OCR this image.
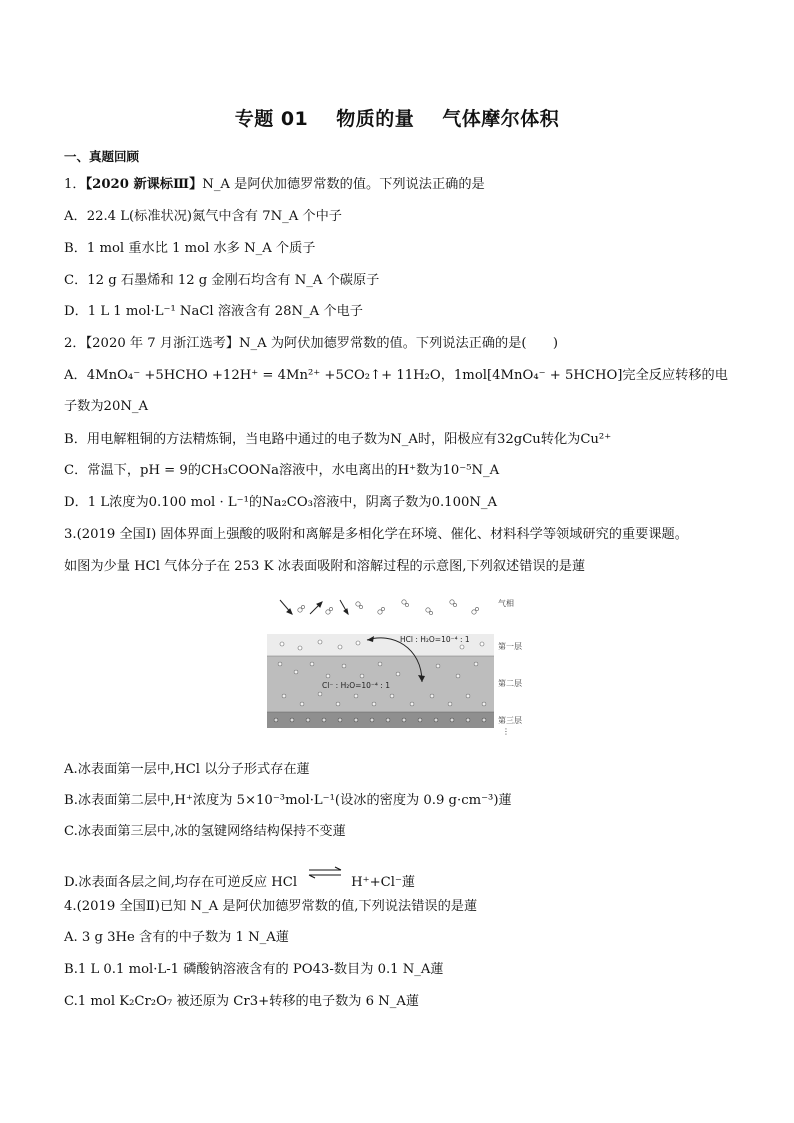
专题 01 物质的量 气体摩尔体积
一、真题回顾
1．【2020 新课标Ⅲ】N_A 是阿伏加德罗常数的值。下列说法正确的是
A．22.4 L(标准状况)氮气中含有 7N_A 个中子
B．1 mol 重水比 1 mol 水多 N_A 个质子
C．12 g 石墨烯和 12 g 金刚石均含有 N_A 个碳原子
D．1 L 1 mol·L⁻¹ NaCl 溶液含有 28N_A 个电子
2．【2020 年 7 月浙江选考】N_A 为阿伏加德罗常数的值。下列说法正确的是(　　)
A．4MnO₄⁻ +5HCHO +12H⁺ = 4Mn²⁺ +5CO₂↑+ 11H₂O，1mol[4MnO₄⁻ + 5HCHO]完全反应转移的电
子数为20N_A
B．用电解粗铜的方法精炼铜，当电路中通过的电子数为N_A时，阳极应有32gCu转化为Cu²⁺
C．常温下，pH = 9的CH₃COONa溶液中，水电离出的H⁺数为10⁻⁵N_A
D．1 L浓度为0.100 mol · L⁻¹的Na₂CO₃溶液中，阴离子数为0.100N_A
3.(2019 全国Ⅰ) 固体界面上强酸的吸附和离解是多相化学在环境、催化、材料科学等领域研究的重要课题。
如图为少量 HCl 气体分子在 253 K 冰表面吸附和溶解过程的示意图,下列叙述错误的是蓮
气相
第一层
第二层
第三层
⋮
HCl : H₂O=10⁻⁴ : 1
Cl⁻ : H₂O=10⁻⁴ : 1
A.冰表面第一层中,HCl 以分子形式存在蓮
B.冰表面第二层中,H⁺浓度为 5×10⁻³mol·L⁻¹(设冰的密度为 0.9 g·cm⁻³)蓮
C.冰表面第三层中,冰的氢键网络结构保持不变蓮
D.冰表面各层之间,均存在可逆反应 HCl	H⁺+Cl⁻蓮
4.(2019 全国Ⅱ)已知 N_A 是阿伏加德罗常数的值,下列说法错误的是蓮
A. 3 g 3He 含有的中子数为 1 N_A蓮
B.1 L 0.1 mol·L-1 磷酸钠溶液含有的 PO43-数目为 0.1 N_A蓮
C.1 mol K₂Cr₂O₇ 被还原为 Cr3+转移的电子数为 6 N_A蓮
